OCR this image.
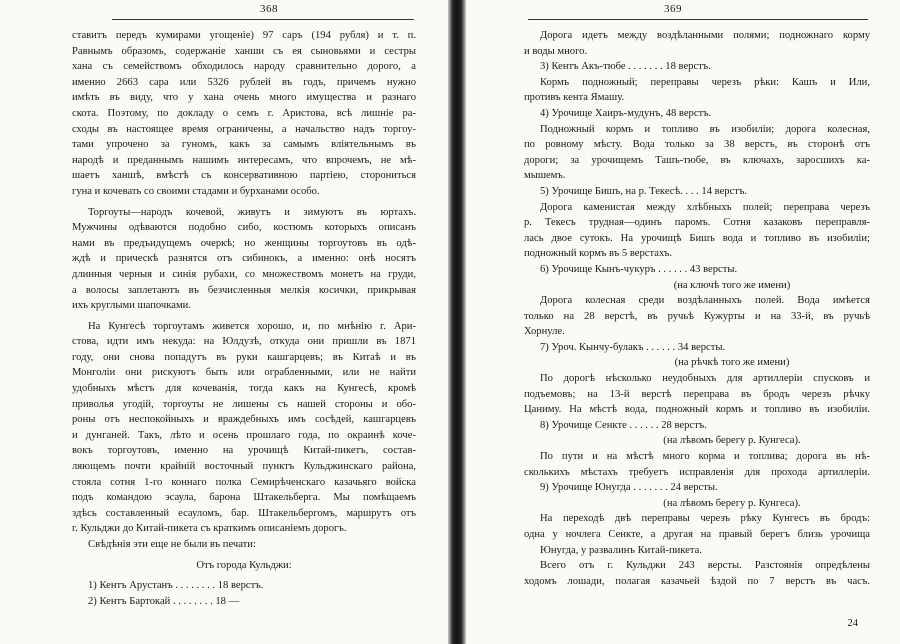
368
ставитъ передъ кумирами угощеніе) 97 саръ (194 рубля) и т. п.
Равнымъ образомъ, содержаніе ханши съ ея сыновьями и сестры
хана съ семействомъ обходилось народу сравнительно дорого, а
именно 2663 сара или 5326 рублей въ годъ, причемъ нужно
имѣть въ виду, что у хана очень много имущества и разнаго
скота. Поэтому, по докладу о семъ г. Аристова, всѣ лишніе ра-
сходы въ настоящее время ограничены, а начальство надъ торгоу-
тами упрочено за гуномъ, какъ за самымъ вліятельнымъ въ
народѣ и преданнымъ нашимъ интересамъ, что впрочемъ, не мѣ-
шаетъ ханшѣ, вмѣстѣ съ консервативною партіею, сторониться
гуна и кочевать со своими стадами и бурханами особо.
Торгоуты—народъ кочевой, живутъ и зимуютъ въ юртахъ.
Мужчины одѣваются подобно сибо, костюмъ которыхъ описанъ
нами въ предъидущемъ очеркѣ; но женщины торгоутовъ въ одѣ-
ждѣ и прическѣ разнятся отъ сибинокъ, а именно: онѣ носятъ
длинныя черныя и синія рубахи, со множествомъ монетъ на груди,
а волосы заплетаютъ въ безчисленныя мелкія косички, прикрывая
ихъ круглыми шапочками.
На Кунгесѣ торгоутамъ живется хорошо, и, по мнѣнію г. Ари-
стова, идти имъ некуда: на Юлдузѣ, откуда они пришли въ 1871
году, они снова попадутъ въ руки кашгарцевъ; въ Китаѣ и въ
Монголіи они рискуютъ быть или ограбленными, или не найти
удобныхъ мѣстъ для кочеванія, тогда какъ на Кунгесѣ, кромѣ
приволья угодій, торгоуты не лишены съ нашей стороны и обо-
роны отъ неспокойныхъ и враждебныхъ имъ сосѣдей, кашгарцевъ
и дунганей. Такъ, лѣто и осень прошлаго года, по окраинѣ коче-
вокъ торгоутовъ, именно на урочищѣ Китай-пикетъ, состав-
ляющемъ почти крайній восточный пунктъ Кульджинскаго района,
стояла сотня 1-го коннаго полка Семирѣченскаго казачьяго войска
подъ командою эсаула, барона Штакельберга. Мы помѣщаемъ
здѣсь составленный есауломъ, бар. Штакельбергомъ, маршрутъ отъ
г. Кульджи до Китай-пикета съ краткимъ описаніемъ дорогъ.
Свѣдѣнія эти еще не были въ печати:
Отъ города Кульджи:
1) Кентъ Арустанъ . . . . . . . . 18 верстъ.
2) Кентъ Бартокай . . . . . . . . 18 —
369
Дорога идетъ между воздѣланными полями; подножнаго корму
и воды много.
3) Кентъ Акъ-тюбе . . . . . . . 18 верстъ.
Кормъ подножный; переправы черезъ рѣки: Кашъ и Или,
противъ кента Ямашу.
4) Урочище Хаиръ-мудунъ, 48 верстъ.
Подножный кормъ и топливо въ изобиліи; дорога колесная,
по ровному мѣсту. Вода только за 38 верстъ, въ сторонѣ отъ
дороги; за урочищемъ Ташъ-тюбе, въ ключахъ, заросшихъ ка-
мышемъ.
5) Урочище Бишъ, на р. Текесѣ. . . . 14 верстъ.
Дорога каменистая между хлѣбныхъ полей; переправа черезъ
р. Текесъ трудная—одинъ паромъ. Сотня казаковъ переправля-
лась двое сутокъ. На урочищѣ Бишъ вода и топливо въ изобиліи;
подножный кормъ въ 5 верстахъ.
6) Урочище Кынъ-чукуръ . . . . . . 43 версты.
(на ключѣ того же имени)
Дорога колесная среди воздѣланныхъ полей. Вода имѣется
только на 28 верстѣ, въ ручьѣ Кужурты и на 33-й, въ ручьѣ
Хорнуле.
7) Уроч. Кынчу-булакъ . . . . . . 34 версты.
(на рѣчкѣ того же имени)
По дорогѣ нѣсколько неудобныхъ для артиллеріи спусковъ и
подъемовъ; на 13-й верстѣ переправа въ бродъ черезъ рѣчку
Цаниму. На мѣстѣ вода, подножный кормъ и топливо въ изобиліи.
8) Урочище Сенкте . . . . . . 28 верстъ.
(на лѣвомъ берегу р. Кунгеса).
По пути и на мѣстѣ много корма и топлива; дорога въ нѣ-
сколькихъ мѣстахъ требуетъ исправленія для прохода артиллеріи.
9) Урочище Юнугда . . . . . . . 24 версты.
(на лѣвомъ берегу р. Кунгеса).
На переходѣ двѣ переправы черезъ рѣку Кунгесъ въ бродъ:
одна у ночлега Сенкте, а другая на правый берегъ близь урочища
Юнугда, у развалинъ Китай-пикета.
Всего отъ г. Кульджи 243 версты. Разстоянія опредѣлены
ходомъ лошади, полагая казачьей ѣздой по 7 верстъ въ часъ.
24
